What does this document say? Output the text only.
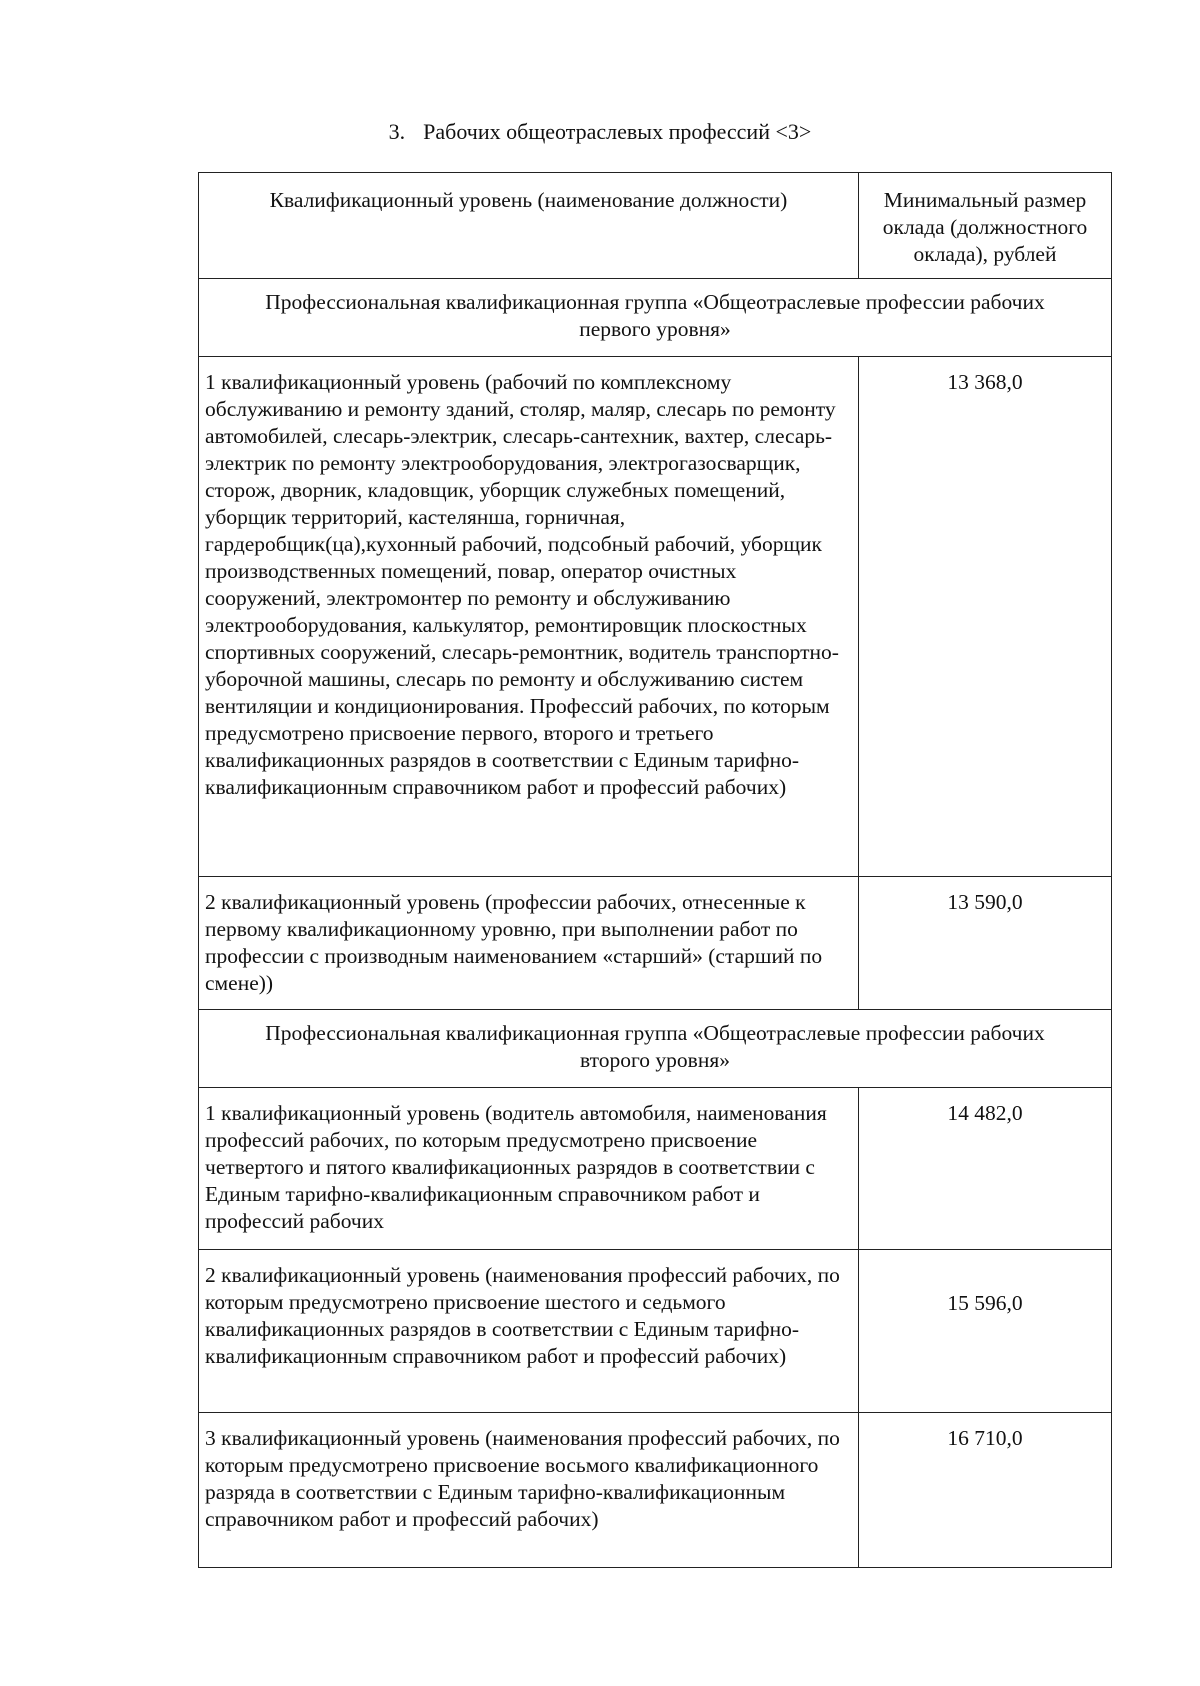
3. Рабочих общеотраслевых профессий <3>
Квалификационный уровень (наименование должности)	Минимальный размер оклада (должностного оклада), рублей
Профессиональная квалификационная группа «Общеотраслевые профессии рабочих первого уровня»	
1 квалификационный уровень (рабочий по комплексному обслуживанию и ремонту зданий, столяр, маляр, слесарь по ремонту автомобилей, слесарь-электрик, слесарь-сантехник, вахтер, слесарь-электрик по ремонту электрооборудования, электрогазосварщик, сторож, дворник, кладовщик, уборщик служебных помещений, уборщик территорий, кастелянша, горничная, гардеробщик(ца),кухонный рабочий, подсобный рабочий, уборщик производственных помещений, повар, оператор очистных сооружений, электромонтер по ремонту и обслуживанию электрооборудования, калькулятор, ремонтировщик плоскостных спортивных сооружений, слесарь-ремонтник, водитель транспортно-уборочной машины, слесарь по ремонту и обслуживанию систем вентиляции и кондиционирования. Профессий рабочих, по которым предусмотрено присвоение первого, второго и третьего квалификационных разрядов в соответствии с Единым тарифно-квалификационным справочником работ и профессий рабочих)	13 368,0
2 квалификационный уровень (профессии рабочих, отнесенные к первому квалификационному уровню, при выполнении работ по профессии с производным наименованием «старший» (старший по смене))	13 590,0
Профессиональная квалификационная группа «Общеотраслевые профессии рабочих второго уровня»	
1 квалификационный уровень (водитель автомобиля, наименования профессий рабочих, по которым предусмотрено присвоение четвертого и пятого квалификационных разрядов в соответствии с Единым тарифно-квалификационным справочником работ и профессий рабочих	14 482,0
2 квалификационный уровень (наименования профессий рабочих, по которым предусмотрено присвоение шестого и седьмого квалификационных разрядов в соответствии с Единым тарифно-квалификационным справочником работ и профессий рабочих)	15 596,0
3 квалификационный уровень (наименования профессий рабочих, по которым предусмотрено присвоение восьмого квалификационного разряда в соответствии с Единым тарифно-квалификационным справочником работ и профессий рабочих)	16 710,0
